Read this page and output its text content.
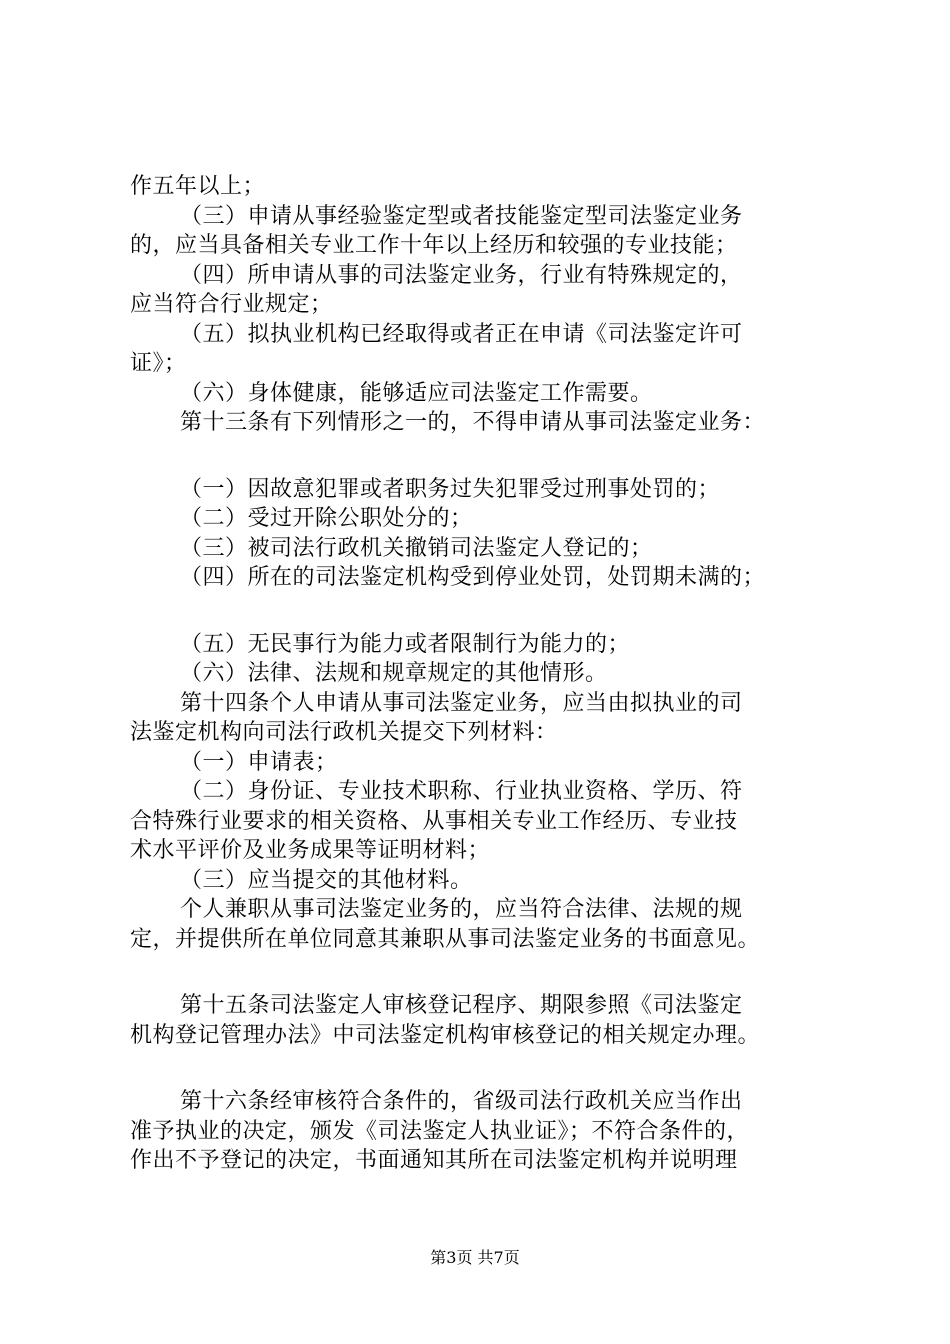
作五年以上；
（三）申请从事经验鉴定型或者技能鉴定型司法鉴定业务
的，应当具备相关专业工作十年以上经历和较强的专业技能；
（四）所申请从事的司法鉴定业务，行业有特殊规定的，
应当符合行业规定；
（五）拟执业机构已经取得或者正在申请《司法鉴定许可
证》；
（六）身体健康，能够适应司法鉴定工作需要。
第十三条有下列情形之一的，不得申请从事司法鉴定业务：
（一）因故意犯罪或者职务过失犯罪受过刑事处罚的；
（二）受过开除公职处分的；
（三）被司法行政机关撤销司法鉴定人登记的；
（四）所在的司法鉴定机构受到停业处罚，处罚期未满的；
（五）无民事行为能力或者限制行为能力的；
（六）法律、法规和规章规定的其他情形。
第十四条个人申请从事司法鉴定业务，应当由拟执业的司
法鉴定机构向司法行政机关提交下列材料：
（一）申请表；
（二）身份证、专业技术职称、行业执业资格、学历、符
合特殊行业要求的相关资格、从事相关专业工作经历、专业技
术水平评价及业务成果等证明材料；
（三）应当提交的其他材料。
个人兼职从事司法鉴定业务的，应当符合法律、法规的规
定，并提供所在单位同意其兼职从事司法鉴定业务的书面意见。
第十五条司法鉴定人审核登记程序、期限参照《司法鉴定
机构登记管理办法》中司法鉴定机构审核登记的相关规定办理。
第十六条经审核符合条件的，省级司法行政机关应当作出
准予执业的决定，颁发《司法鉴定人执业证》；不符合条件的，
作出不予登记的决定，书面通知其所在司法鉴定机构并说明理
第3页 共7页
